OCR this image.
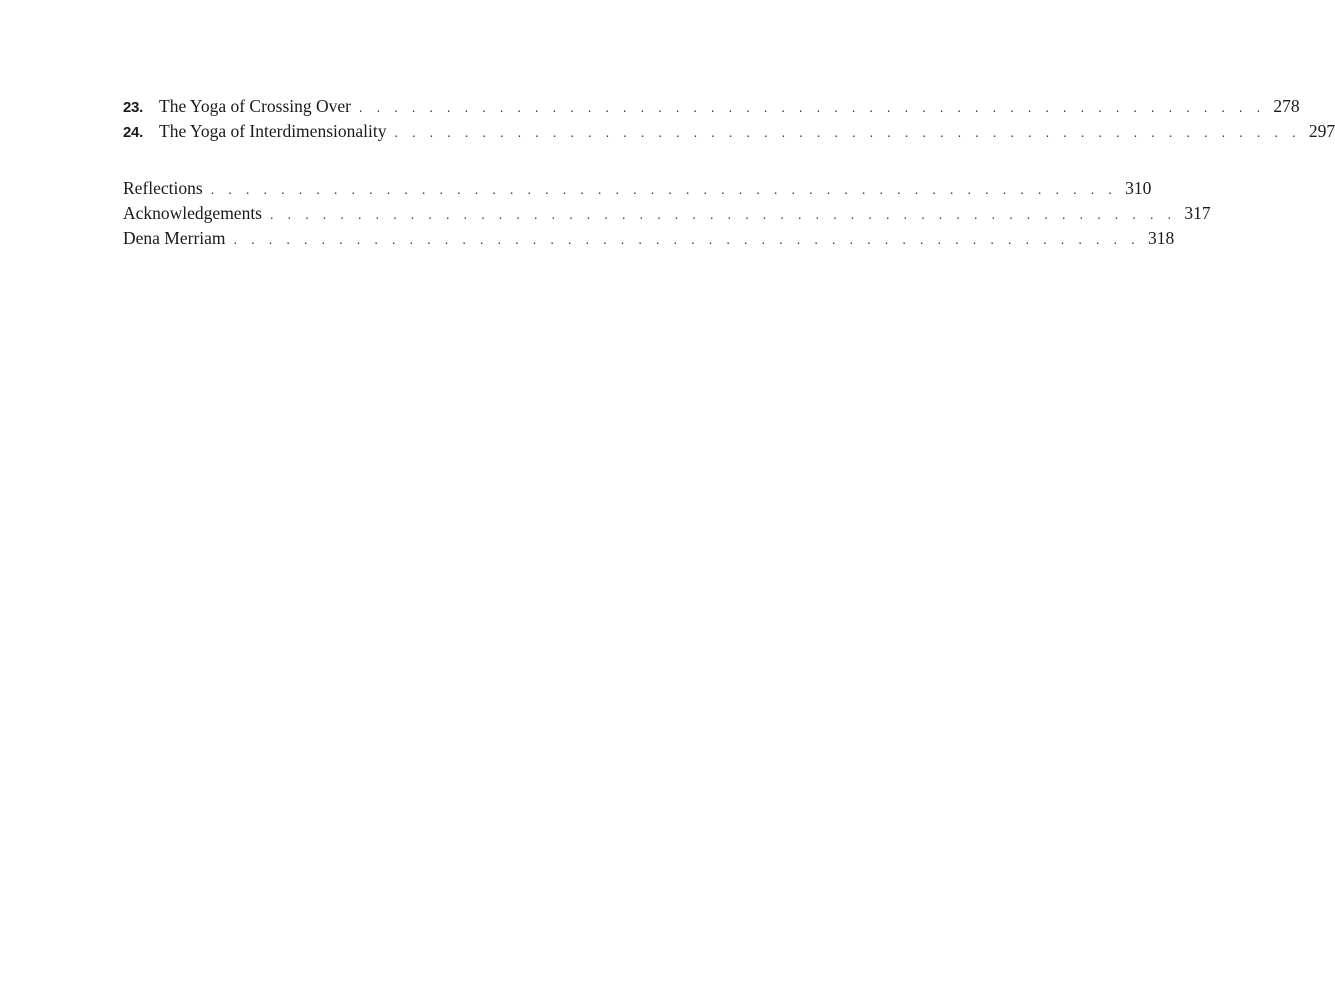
23. The Yoga of Crossing Over . . . . . . . . . . . . . . . . . . . . . . . . . . . . . . . . . . . . . . . . . . . . . . . . . . . . 278
24. The Yoga of Interdimensionality . . . . . . . . . . . . . . . . . . . . . . . . . . . . . . . . . . . . . . . . . . . . . . . . . . . . 297
Reflections . . . . . . . . . . . . . . . . . . . . . . . . . . . . . . . . . . . . . . . . . . . . . . . . . . . . 310
Acknowledgements . . . . . . . . . . . . . . . . . . . . . . . . . . . . . . . . . . . . . . . . . . . . . . . . . . . . 317
Dena Merriam . . . . . . . . . . . . . . . . . . . . . . . . . . . . . . . . . . . . . . . . . . . . . . . . . . . . 318
